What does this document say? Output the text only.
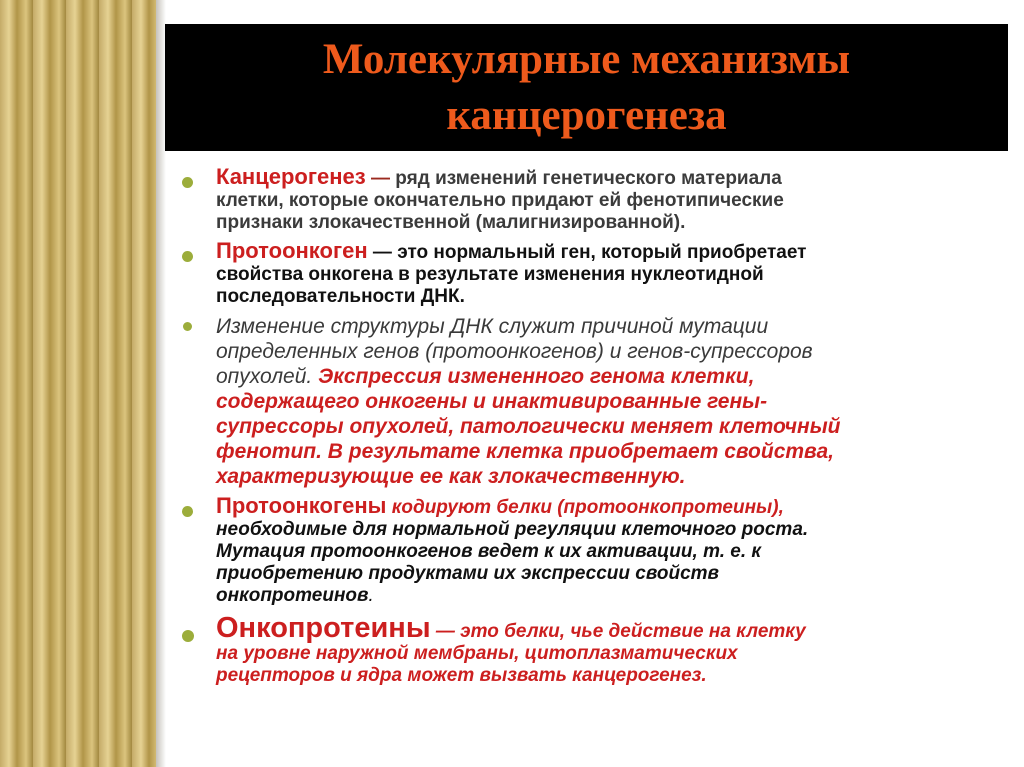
Молекулярные механизмы
канцерогенеза
Канцерогенез — ряд изменений генетического материала
клетки, которые окончательно придают ей фенотипические
признаки злокачественной (малигнизированной).
Протоонкоген — это нормальный ген, который приобретает
свойства онкогена в результате изменения нуклеотидной
последовательности ДНК.
Изменение структуры ДНК служит причиной мутации
определенных генов (протоонкогенов) и генов-супрессоров
опухолей. Экспрессия измененного генома клетки,
содержащего онкогены и инактивированные гены-
супрессоры опухолей, патологически меняет клеточный
фенотип. В результате клетка приобретает свойства,
характеризующие ее как злокачественную.
Протоонкогены кодируют белки (протоонкопротеины),
необходимые для нормальной регуляции клеточного роста.
Мутация протоонкогенов ведет к их активации, т. е. к
приобретению продуктами их экспрессии свойств
онкопротеинов.
Онкопротеины — это белки, чье действие на клетку
на уровне наружной мембраны, цитоплазматических
рецепторов и ядра может вызвать канцерогенез.
